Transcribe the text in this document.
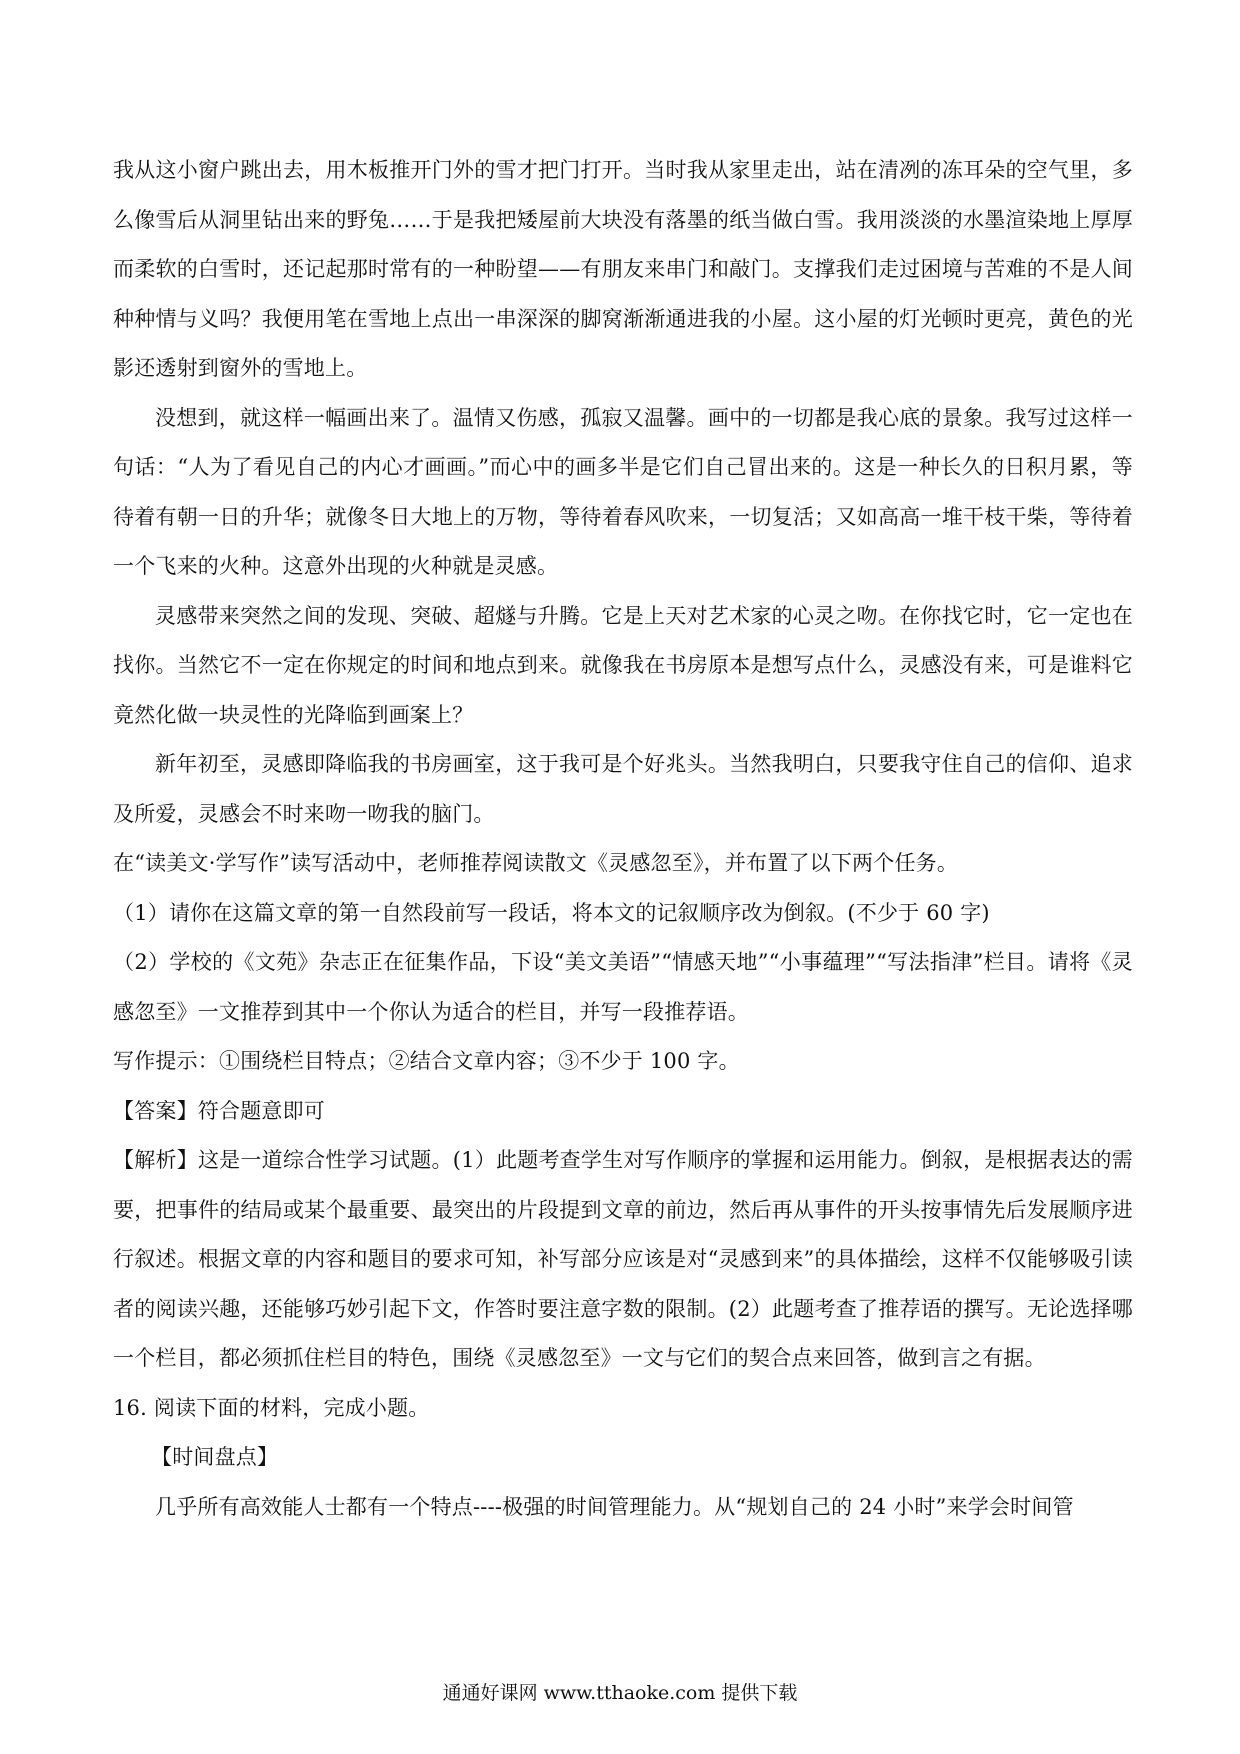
我从这小窗户跳出去，用木板推开门外的雪才把门打开。当时我从家里走出，站在清冽的冻耳朵的空气里，多么像雪后从洞里钻出来的野兔……于是我把矮屋前大块没有落墨的纸当做白雪。我用淡淡的水墨渲染地上厚厚而柔软的白雪时，还记起那时常有的一种盼望——有朋友来串门和敲门。支撑我们走过困境与苦难的不是人间种种情与义吗？我便用笔在雪地上点出一串深深的脚窝渐渐通进我的小屋。这小屋的灯光顿时更亮，黄色的光影还透射到窗外的雪地上。

没想到，就这样一幅画出来了。温情又伤感，孤寂又温馨。画中的一切都是我心底的景象。我写过这样一句话：“人为了看见自己的内心才画画。”而心中的画多半是它们自己冒出来的。这是一种长久的日积月累，等待着有朝一日的升华；就像冬日大地上的万物，等待着春风吹来，一切复活；又如高高一堆干枝干柴，等待着一个飞来的火种。这意外出现的火种就是灵感。

灵感带来突然之间的发现、突破、超燧与升腾。它是上天对艺术家的心灵之吻。在你找它时，它一定也在找你。当然它不一定在你规定的时间和地点到来。就像我在书房原本是想写点什么，灵感没有来，可是谁料它竟然化做一块灵性的光降临到画案上？

新年初至，灵感即降临我的书房画室，这于我可是个好兆头。当然我明白，只要我守住自己的信仰、追求及所爱，灵感会不时来吻一吻我的脑门。

在“读美文·学写作”读写活动中，老师推荐阅读散文《灵感忽至》，并布置了以下两个任务。

（1）请你在这篇文章的第一自然段前写一段话，将本文的记叙顺序改为倒叙。(不少于 60 字)

（2）学校的《文苑》杂志正在征集作品，下设“美文美语”“情感天地”“小事蕴理”“写法指津”栏目。请将《灵感忽至》一文推荐到其中一个你认为适合的栏目，并写一段推荐语。

写作提示：①围绕栏目特点；②结合文章内容；③不少于 100 字。

【答案】符合题意即可

【解析】这是一道综合性学习试题。(1）此题考查学生对写作顺序的掌握和运用能力。倒叙，是根据表达的需要，把事件的结局或某个最重要、最突出的片段提到文章的前边，然后再从事件的开头按事情先后发展顺序进行叙述。根据文章的内容和题目的要求可知，补写部分应该是对“灵感到来”的具体描绘，这样不仅能够吸引读者的阅读兴趣，还能够巧妙引起下文，作答时要注意字数的限制。(2）此题考查了推荐语的撰写。无论选择哪一个栏目，都必须抓住栏目的特色，围绕《灵感忽至》一文与它们的契合点来回答，做到言之有据。

16. 阅读下面的材料，完成小题。

【时间盘点】

几乎所有高效能人士都有一个特点----极强的时间管理能力。从“规划自己的 24 小时”来学会时间管

通通好课网 www.tthaoke.com 提供下载
